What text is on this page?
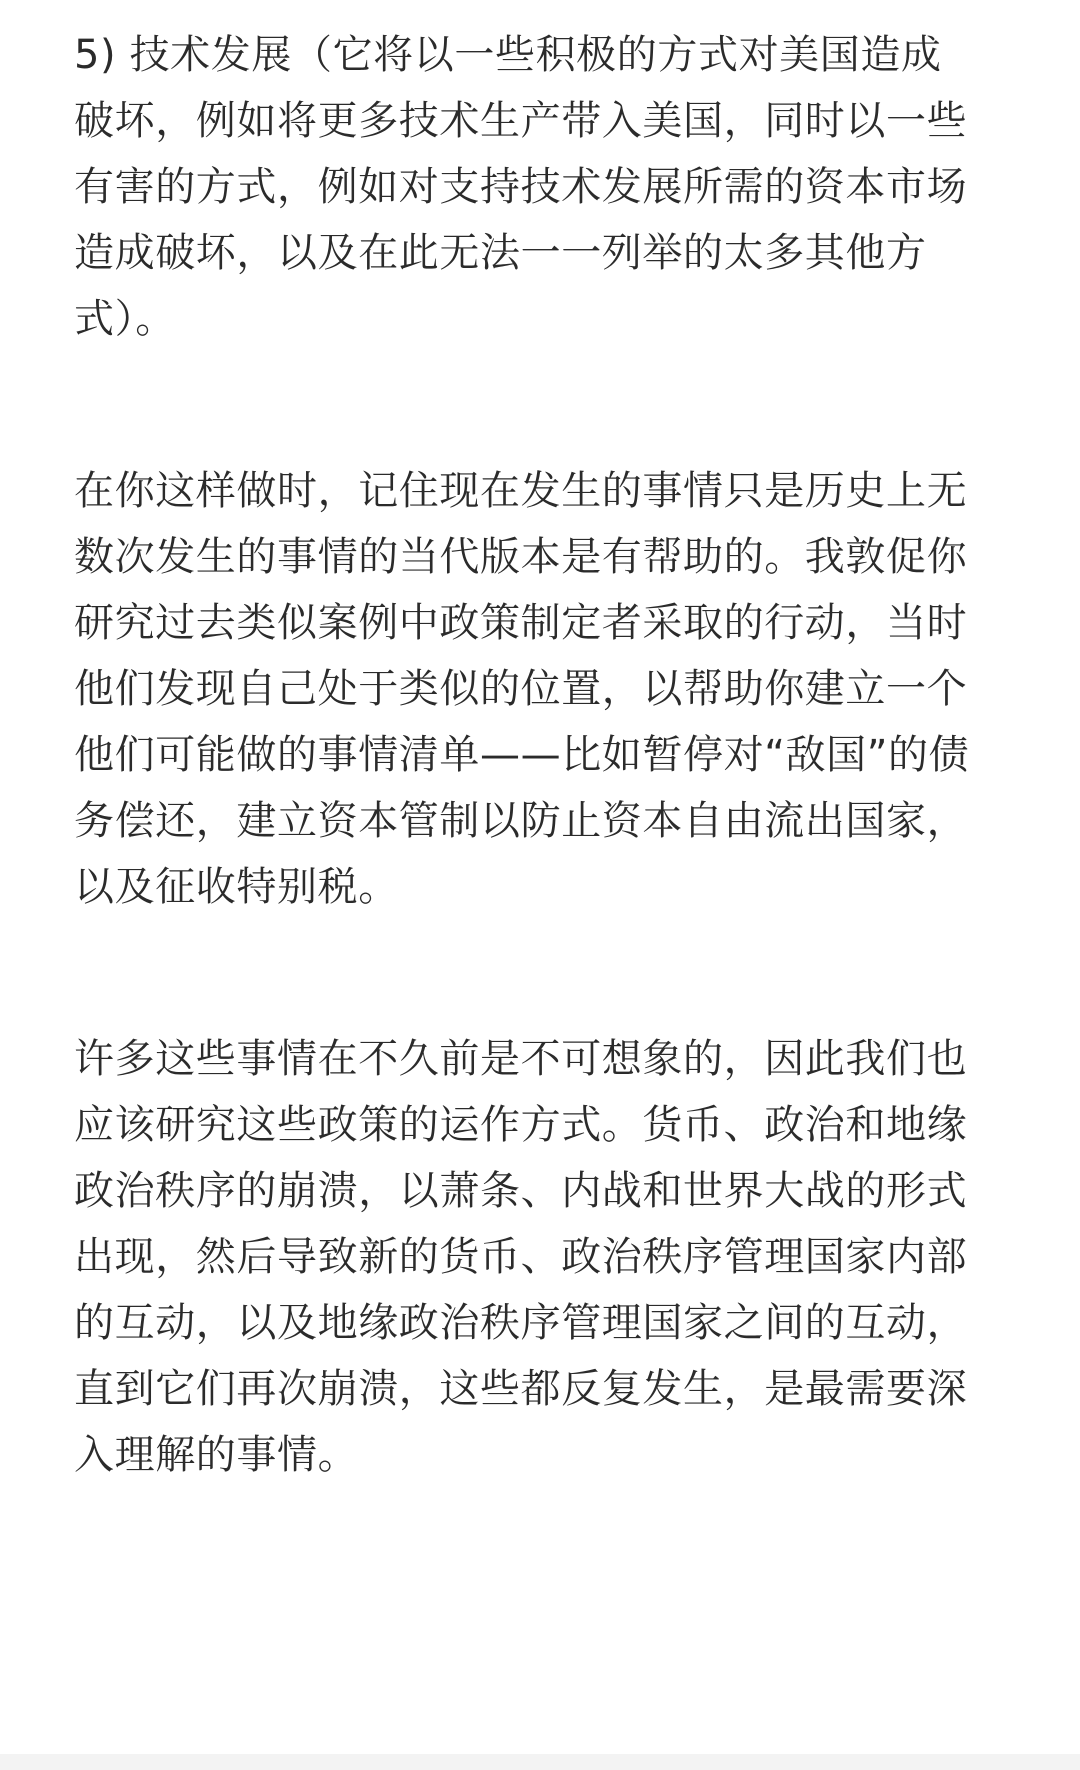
5) 技术发展（它将以一些积极的方式对美国造成
破坏，例如将更多技术生产带入美国，同时以一些
有害的方式，例如对支持技术发展所需的资本市场
造成破坏，以及在此无法一一列举的太多其他方
式）。

在你这样做时，记住现在发生的事情只是历史上无
数次发生的事情的当代版本是有帮助的。我敦促你
研究过去类似案例中政策制定者采取的行动，当时
他们发现自己处于类似的位置，以帮助你建立一个
他们可能做的事情清单——比如暂停对“敌国”的债
务偿还，建立资本管制以防止资本自由流出国家，
以及征收特别税。

许多这些事情在不久前是不可想象的，因此我们也
应该研究这些政策的运作方式。货币、政治和地缘
政治秩序的崩溃，以萧条、内战和世界大战的形式
出现，然后导致新的货币、政治秩序管理国家内部
的互动，以及地缘政治秩序管理国家之间的互动，
直到它们再次崩溃，这些都反复发生，是最需要深
入理解的事情。
